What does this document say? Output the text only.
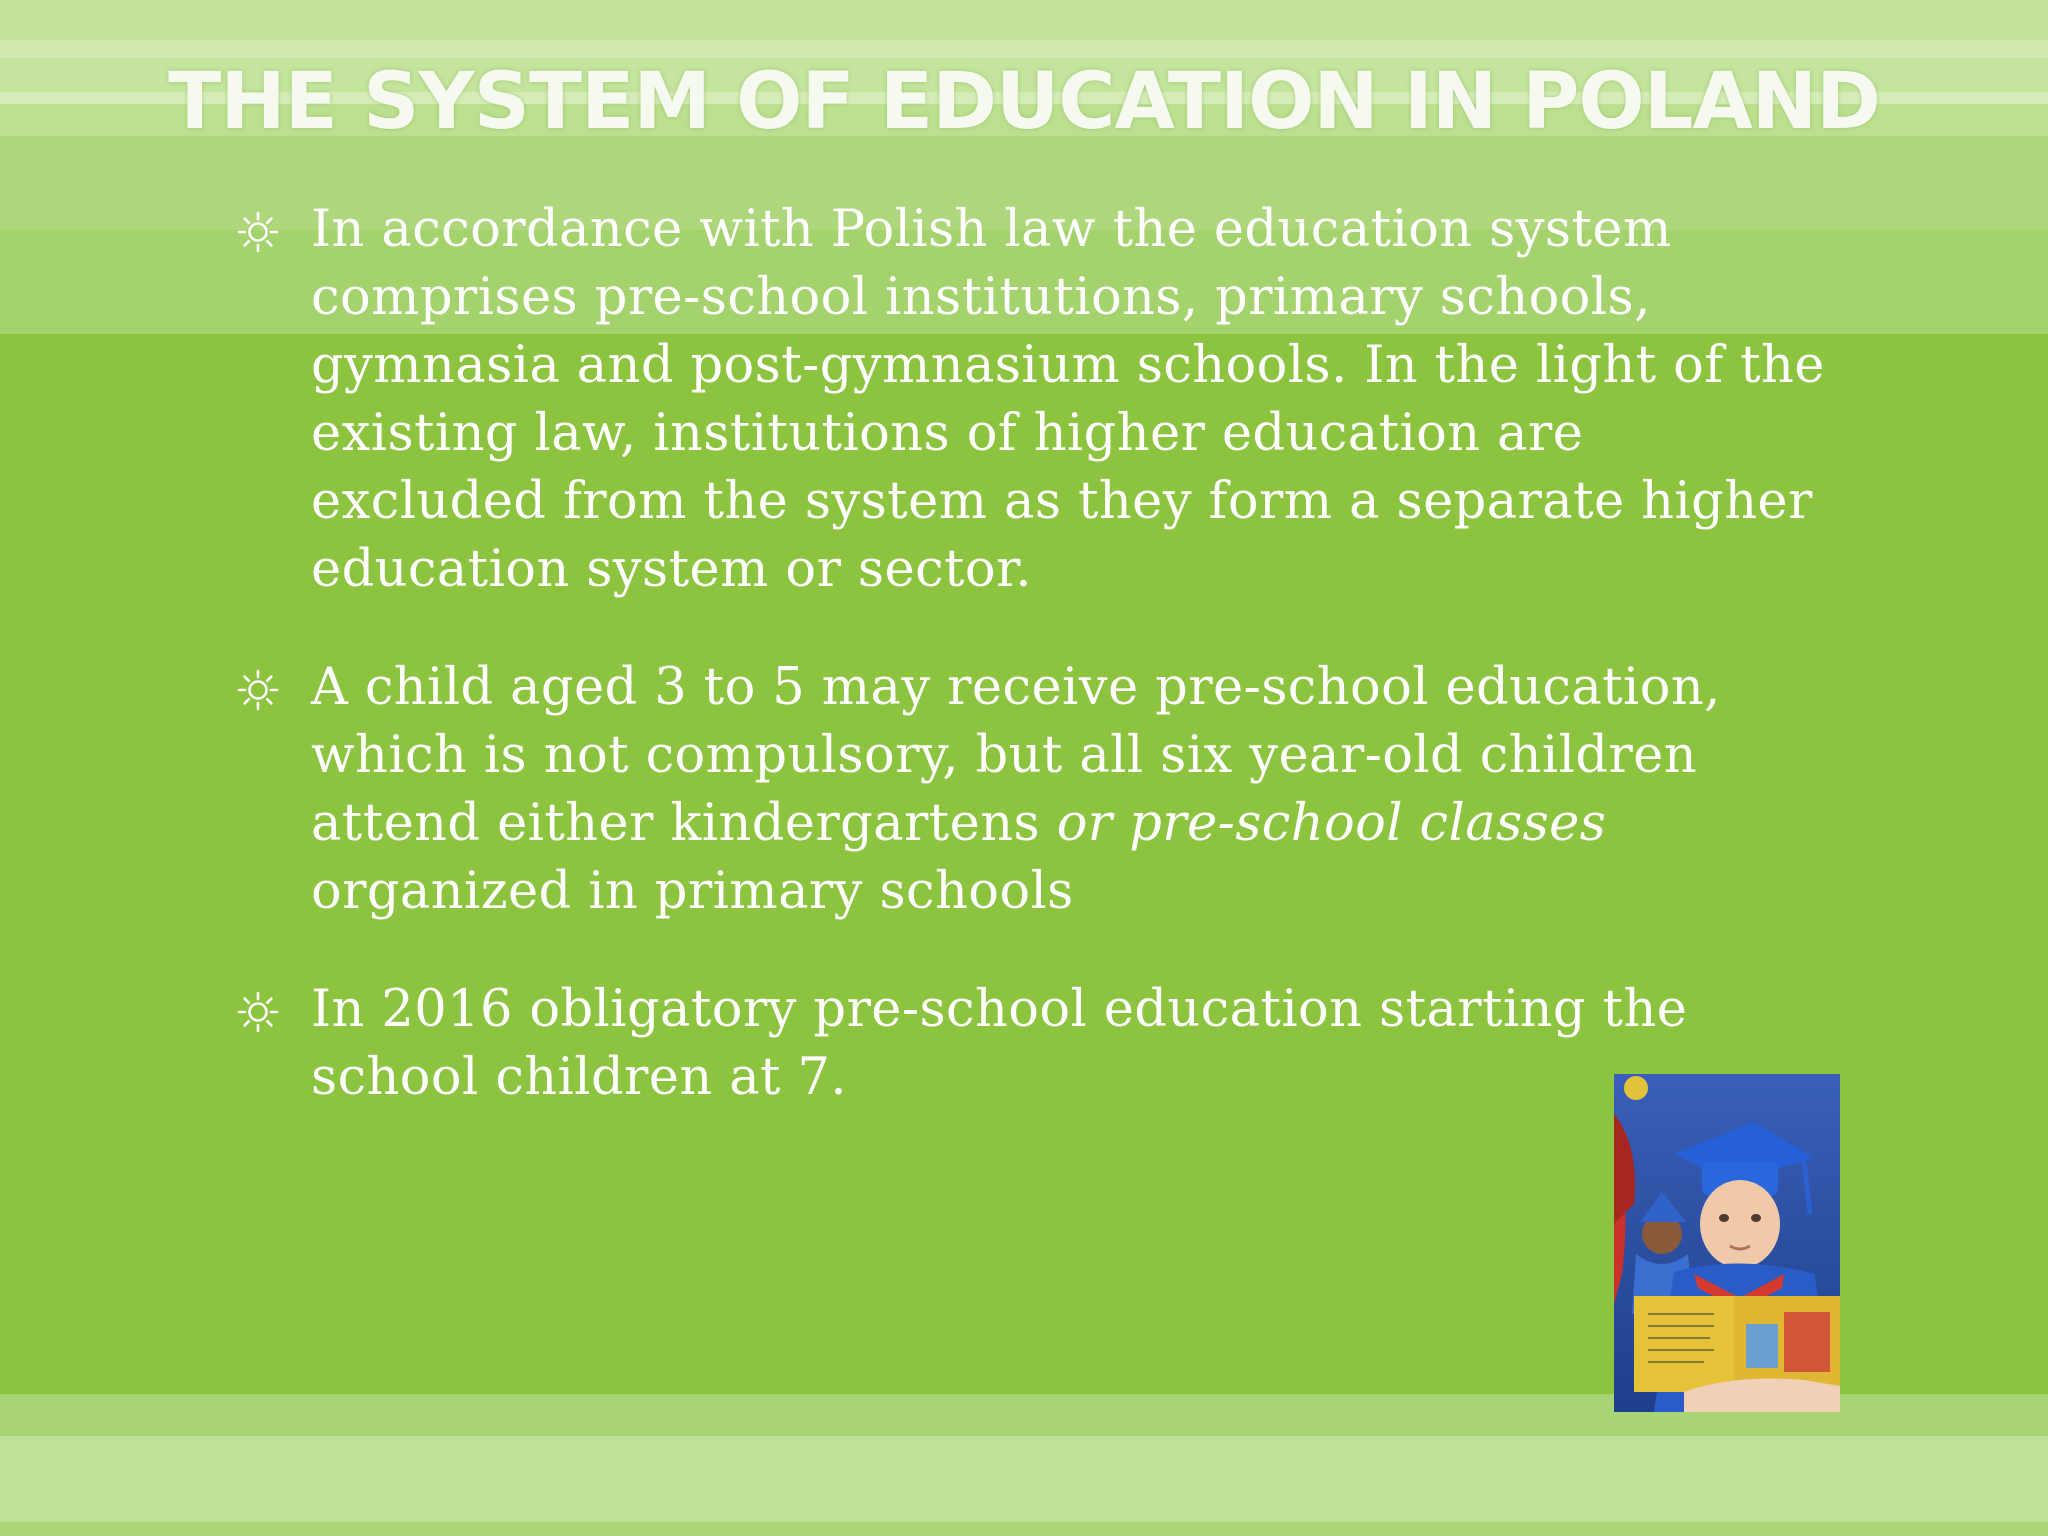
THE SYSTEM OF EDUCATION IN POLAND
In accordance with Polish law the education system comprises pre-school institutions, primary schools, gymnasia and post-gymnasium schools. In the light of the existing law, institutions of higher education are excluded from the system as they form a separate higher education system or sector.
A child aged 3 to 5 may receive pre-school education, which is not compulsory, but all six year-old children attend either kindergartens or pre-school classes organized in primary schools
In 2016 obligatory pre-school education starting the school children at 7.
